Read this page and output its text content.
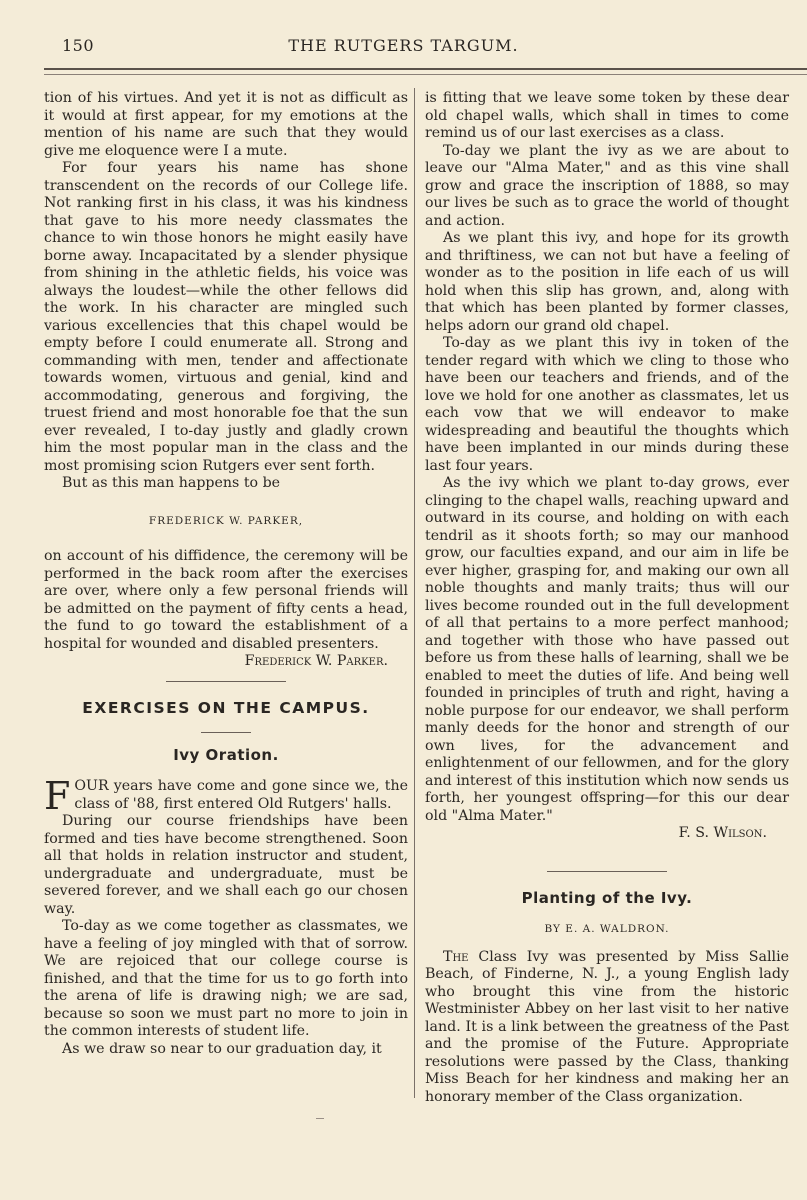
150	THE RUTGERS TARGUM.

tion of his virtues. And yet it is not as difficult as it would at first appear, for my emotions at the mention of his name are such that they would give me eloquence were I a mute.

For four years his name has shone transcendent on the records of our College life. Not ranking first in his class, it was his kindness that gave to his more needy classmates the chance to win those honors he might easily have borne away. Incapacitated by a slender physique from shining in the athletic fields, his voice was always the loudest—while the other fellows did the work. In his character are mingled such various excellencies that this chapel would be empty before I could enumerate all. Strong and commanding with men, tender and affectionate towards women, virtuous and genial, kind and accommodating, generous and forgiving, the truest friend and most honorable foe that the sun ever revealed, I to-day justly and gladly crown him the most popular man in the class and the most promising scion Rutgers ever sent forth.

But as this man happens to be

FREDERICK W. PARKER,

on account of his diffidence, the ceremony will be performed in the back room after the exercises are over, where only a few personal friends will be admitted on the payment of fifty cents a head, the fund to go toward the establishment of a hospital for wounded and disabled presenters.
Frederick W. Parker.

EXERCISES ON THE CAMPUS.
Ivy Oration.

FOUR years have come and gone since we, the class of '88, first entered Old Rutgers' halls.

During our course friendships have been formed and ties have become strengthened. Soon all that holds in relation instructor and student, undergraduate and undergraduate, must be severed forever, and we shall each go our chosen way.

To-day as we come together as classmates, we have a feeling of joy mingled with that of sorrow. We are rejoiced that our college course is finished, and that the time for us to go forth into the arena of life is drawing nigh; we are sad, because so soon we must part no more to join in the common interests of student life.

As we draw so near to our graduation day, it

is fitting that we leave some token by these dear old chapel walls, which shall in times to come remind us of our last exercises as a class.

To-day we plant the ivy as we are about to leave our "Alma Mater," and as this vine shall grow and grace the inscription of 1888, so may our lives be such as to grace the world of thought and action.

As we plant this ivy, and hope for its growth and thriftiness, we can not but have a feeling of wonder as to the position in life each of us will hold when this slip has grown, and, along with that which has been planted by former classes, helps adorn our grand old chapel.

To-day as we plant this ivy in token of the tender regard with which we cling to those who have been our teachers and friends, and of the love we hold for one another as classmates, let us each vow that we will endeavor to make widespreading and beautiful the thoughts which have been implanted in our minds during these last four years.

As the ivy which we plant to-day grows, ever clinging to the chapel walls, reaching upward and outward in its course, and holding on with each tendril as it shoots forth; so may our manhood grow, our faculties expand, and our aim in life be ever higher, grasping for, and making our own all noble thoughts and manly traits; thus will our lives become rounded out in the full development of all that pertains to a more perfect manhood; and together with those who have passed out before us from these halls of learning, shall we be enabled to meet the duties of life. And being well founded in principles of truth and right, having a noble purpose for our endeavor, we shall perform manly deeds for the honor and strength of our own lives, for the advancement and enlightenment of our fellowmen, and for the glory and interest of this institution which now sends us forth, her youngest offspring—for this our dear old "Alma Mater."

F. S. Wilson.
Planting of the Ivy.
BY E. A. WALDRON.

The Class Ivy was presented by Miss Sallie Beach, of Finderne, N. J., a young English lady who brought this vine from the historic Westminister Abbey on her last visit to her native land. It is a link between the greatness of the Past and the promise of the Future. Appropriate resolutions were passed by the Class, thanking Miss Beach for her kindness and making her an honorary member of the Class organization.
